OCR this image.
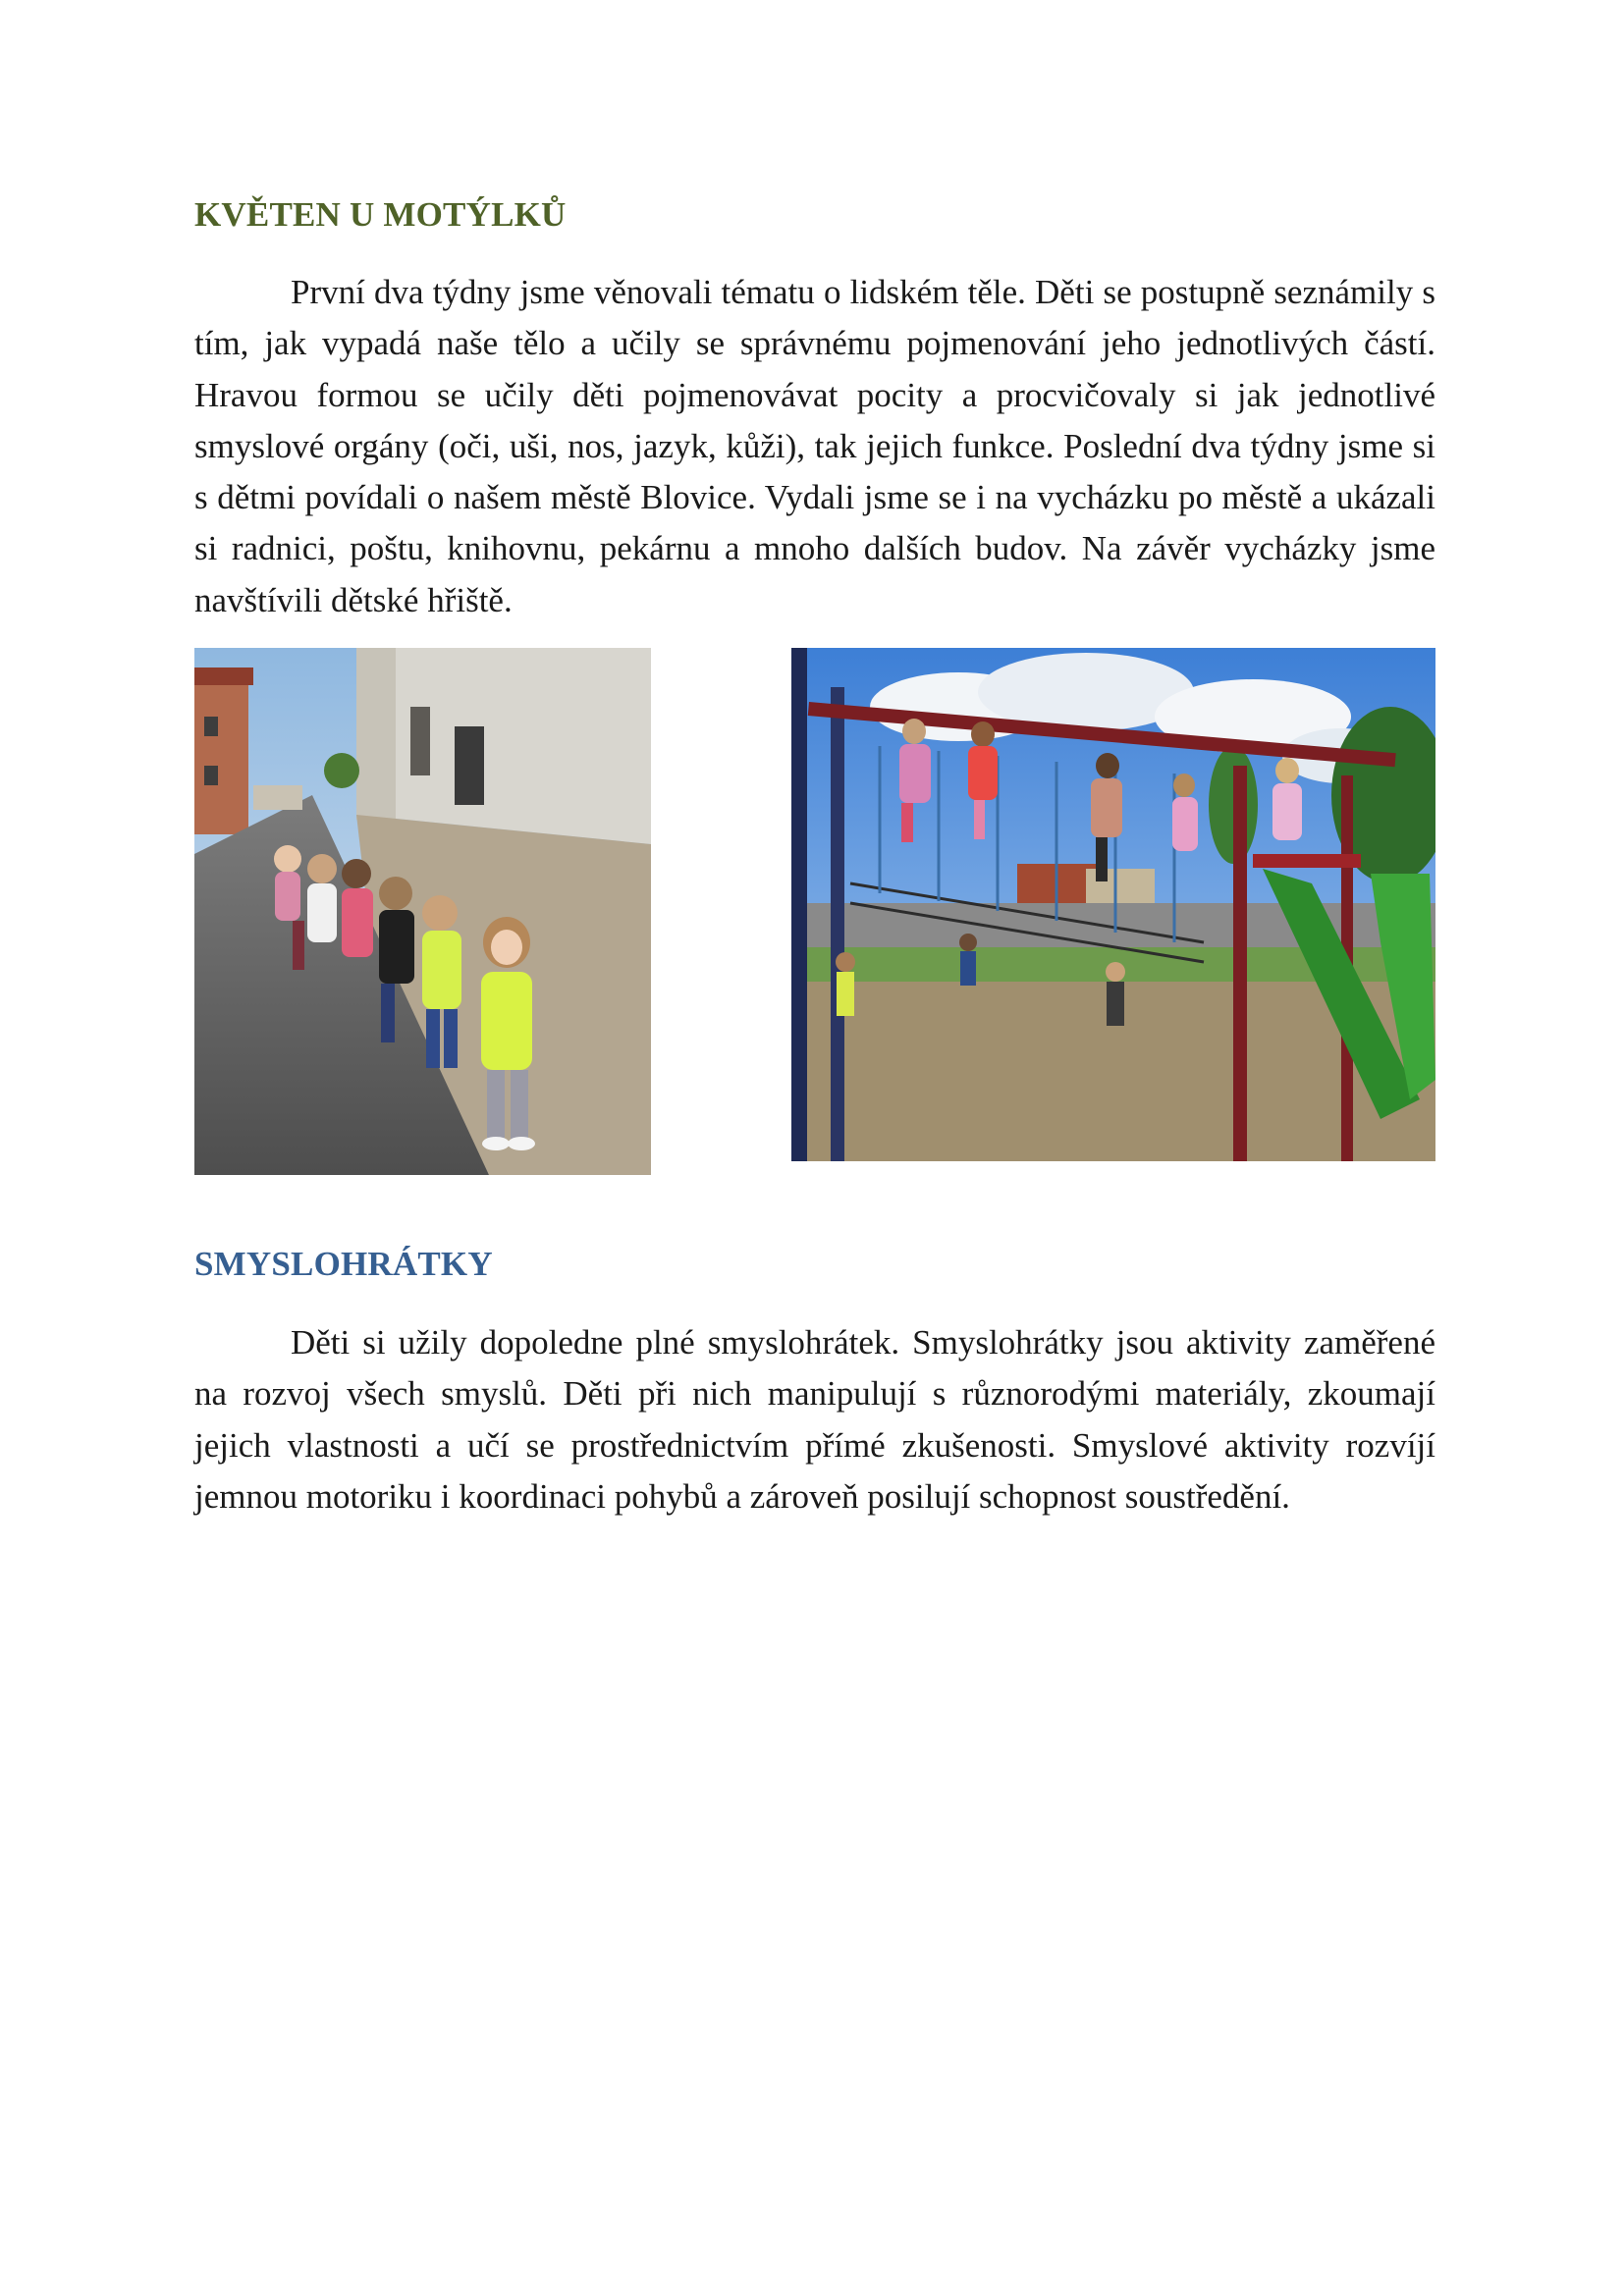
KVĚTEN U MOTÝLKŮ

První dva týdny jsme věnovali tématu o lidském těle. Děti se postupně seznámily s tím, jak vypadá naše tělo a učily se správnému pojmenování jeho jednotlivých částí. Hravou formou se učily děti pojmenovávat pocity a procvičovaly si jak jednotlivé smyslové orgány (oči, uši, nos, jazyk, kůži), tak jejich funkce. Poslední dva týdny jsme si s dětmi povídali o našem městě Blovice. Vydali jsme se i na vycházku po městě a ukázali si radnici, poštu, knihovnu, pekárnu a mnoho dalších budov. Na závěr vycházky jsme navštívili dětské hřiště.

SMYSLOHRÁTKY

Děti si užily dopoledne plné smyslohrátek. Smyslohrátky jsou aktivity zaměřené na rozvoj všech smyslů. Děti při nich manipulují s různorodými materiály, zkoumají jejich vlastnosti a učí se prostřednictvím přímé zkušenosti. Smyslové aktivity rozvíjí jemnou motoriku i koordinaci pohybů a zároveň posilují schopnost soustředění.
